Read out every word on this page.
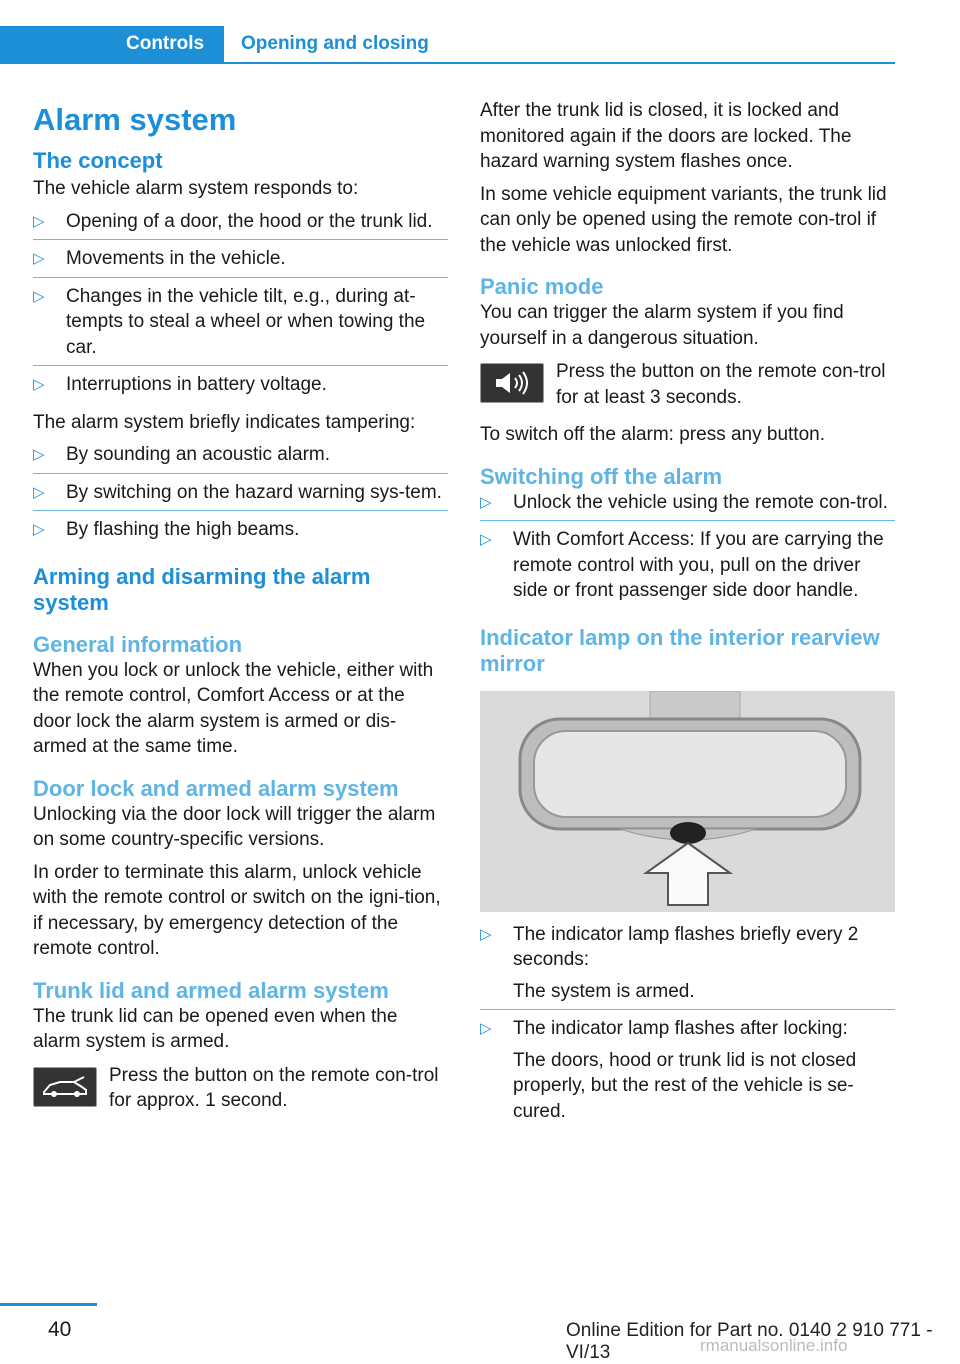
Controls	Opening and closing
Alarm system
The concept

The vehicle alarm system responds to:

▷ Opening of a door, the hood or the trunk lid.
▷ Movements in the vehicle.
▷ Changes in the vehicle tilt, e.g., during at‐tempts to steal a wheel or when towing the car.
▷ Interruptions in battery voltage.

The alarm system briefly indicates tampering:

▷ By sounding an acoustic alarm.
▷ By switching on the hazard warning sys‐tem.
▷ By flashing the high beams.
Arming and disarming the alarm system
General information

When you lock or unlock the vehicle, either with the remote control, Comfort Access or at the door lock the alarm system is armed or dis‐armed at the same time.

Door lock and armed alarm system

Unlocking via the door lock will trigger the alarm on some country-specific versions.

In order to terminate this alarm, unlock vehicle with the remote control or switch on the igni‐tion, if necessary, by emergency detection of the remote control.

Trunk lid and armed alarm system

The trunk lid can be opened even when the alarm system is armed.

Press the button on the remote con‐trol for approx. 1 second.

After the trunk lid is closed, it is locked and monitored again if the doors are locked. The hazard warning system flashes once.

In some vehicle equipment variants, the trunk lid can only be opened using the remote con‐trol if the vehicle was unlocked first.

Panic mode

You can trigger the alarm system if you find yourself in a dangerous situation.

Press the button on the remote con‐trol for at least 3 seconds.

To switch off the alarm: press any button.

Switching off the alarm
▷ Unlock the vehicle using the remote con‐trol.
▷ With Comfort Access: If you are carrying the remote control with you, pull on the driver side or front passenger side door handle.
Indicator lamp on the interior rearview mirror
▷ The indicator lamp flashes briefly every 2 seconds:
The system is armed.
▷ The indicator lamp flashes after locking:
The doors, hood or trunk lid is not closed properly, but the rest of the vehicle is se‐cured.
40	Online Edition for Part no. 0140 2 910 771 - VI/13	rmanualsonline.info
